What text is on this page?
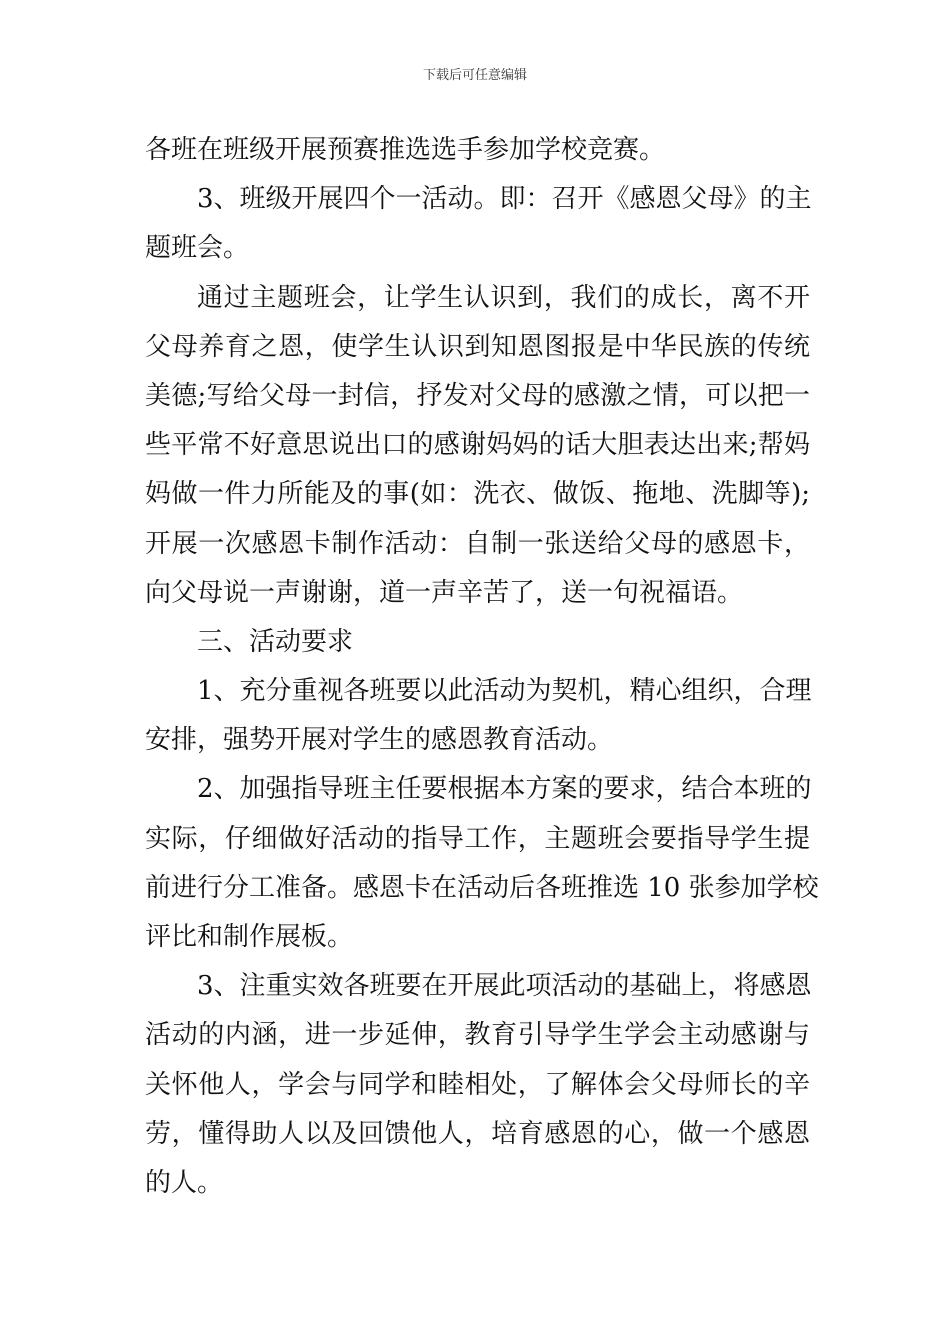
下载后可任意编辑
各班在班级开展预赛推选选手参加学校竞赛。
3、班级开展四个一活动。即：召开《感恩父母》的主
题班会。
通过主题班会，让学生认识到，我们的成长，离不开
父母养育之恩，使学生认识到知恩图报是中华民族的传统
美德;写给父母一封信，抒发对父母的感激之情，可以把一
些平常不好意思说出口的感谢妈妈的话大胆表达出来;帮妈
妈做一件力所能及的事(如：洗衣、做饭、拖地、洗脚等);
开展一次感恩卡制作活动：自制一张送给父母的感恩卡，
向父母说一声谢谢，道一声辛苦了，送一句祝福语。
三、活动要求
1、充分重视各班要以此活动为契机，精心组织，合理
安排，强势开展对学生的感恩教育活动。
2、加强指导班主任要根据本方案的要求，结合本班的
实际，仔细做好活动的指导工作，主题班会要指导学生提
前进行分工准备。感恩卡在活动后各班推选 10 张参加学校
评比和制作展板。
3、注重实效各班要在开展此项活动的基础上，将感恩
活动的内涵，进一步延伸，教育引导学生学会主动感谢与
关怀他人，学会与同学和睦相处，了解体会父母师长的辛
劳，懂得助人以及回馈他人，培育感恩的心，做一个感恩
的人。
